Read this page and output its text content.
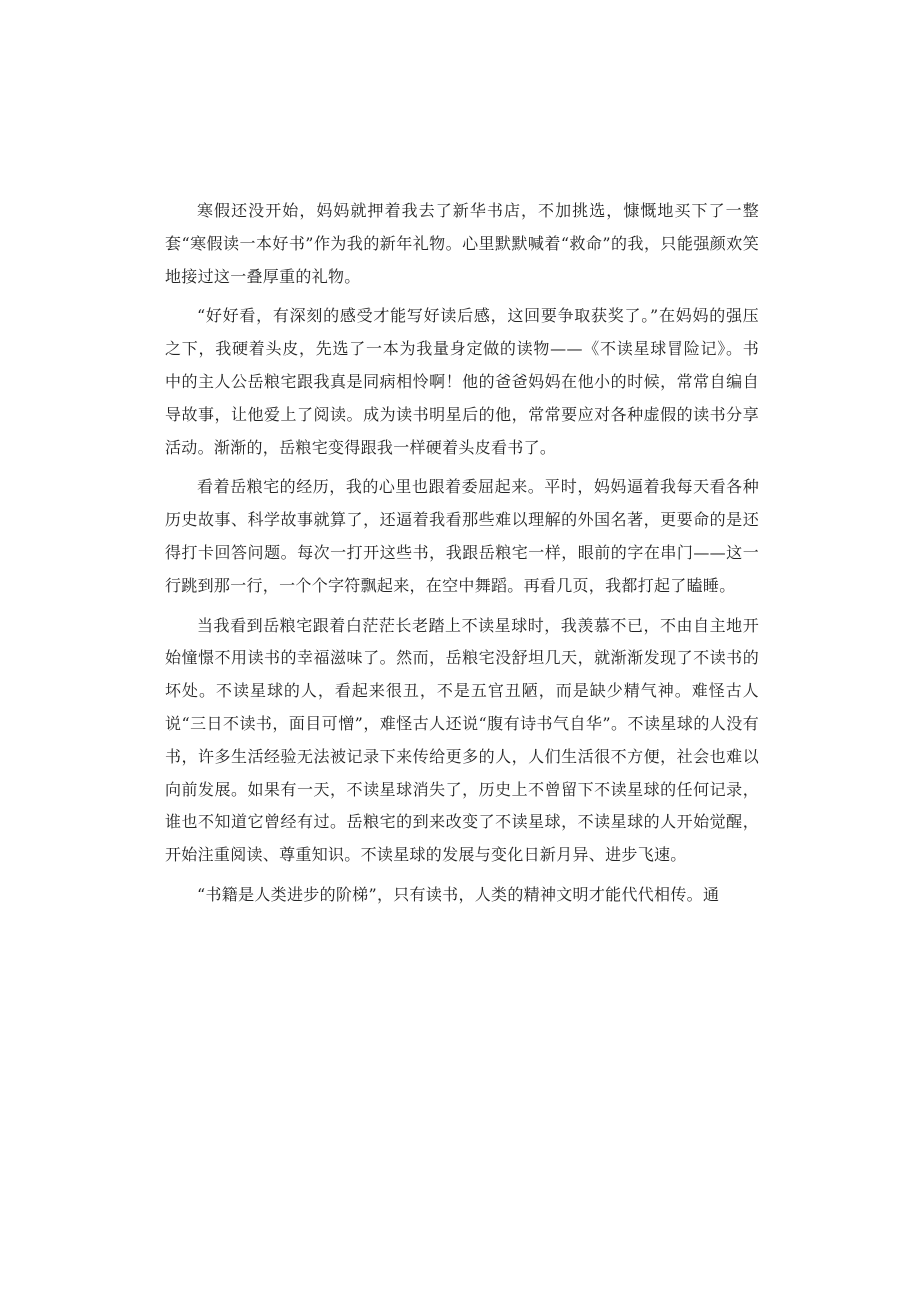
寒假还没开始，妈妈就押着我去了新华书店，不加挑选，慷慨地买下了一整套“寒假读一本好书”作为我的新年礼物。心里默默喊着“救命”的我，只能强颜欢笑地接过这一叠厚重的礼物。

“好好看，有深刻的感受才能写好读后感，这回要争取获奖了。”在妈妈的强压之下，我硬着头皮，先选了一本为我量身定做的读物——《不读星球冒险记》。书中的主人公岳粮宅跟我真是同病相怜啊！他的爸爸妈妈在他小的时候，常常自编自导故事，让他爱上了阅读。成为读书明星后的他，常常要应对各种虚假的读书分享活动。渐渐的，岳粮宅变得跟我一样硬着头皮看书了。

看着岳粮宅的经历，我的心里也跟着委屈起来。平时，妈妈逼着我每天看各种历史故事、科学故事就算了，还逼着我看那些难以理解的外国名著，更要命的是还得打卡回答问题。每次一打开这些书，我跟岳粮宅一样，眼前的字在串门——这一行跳到那一行，一个个字符飘起来，在空中舞蹈。再看几页，我都打起了瞌睡。

当我看到岳粮宅跟着白茫茫长老踏上不读星球时，我羡慕不已，不由自主地开始憧憬不用读书的幸福滋味了。然而，岳粮宅没舒坦几天，就渐渐发现了不读书的坏处。不读星球的人，看起来很丑，不是五官丑陋，而是缺少精气神。难怪古人说“三日不读书，面目可憎”，难怪古人还说“腹有诗书气自华”。不读星球的人没有书，许多生活经验无法被记录下来传给更多的人，人们生活很不方便，社会也难以向前发展。如果有一天，不读星球消失了，历史上不曾留下不读星球的任何记录，谁也不知道它曾经有过。岳粮宅的到来改变了不读星球，不读星球的人开始觉醒，开始注重阅读、尊重知识。不读星球的发展与变化日新月异、进步飞速。

“书籍是人类进步的阶梯”，只有读书，人类的精神文明才能代代相传。通
